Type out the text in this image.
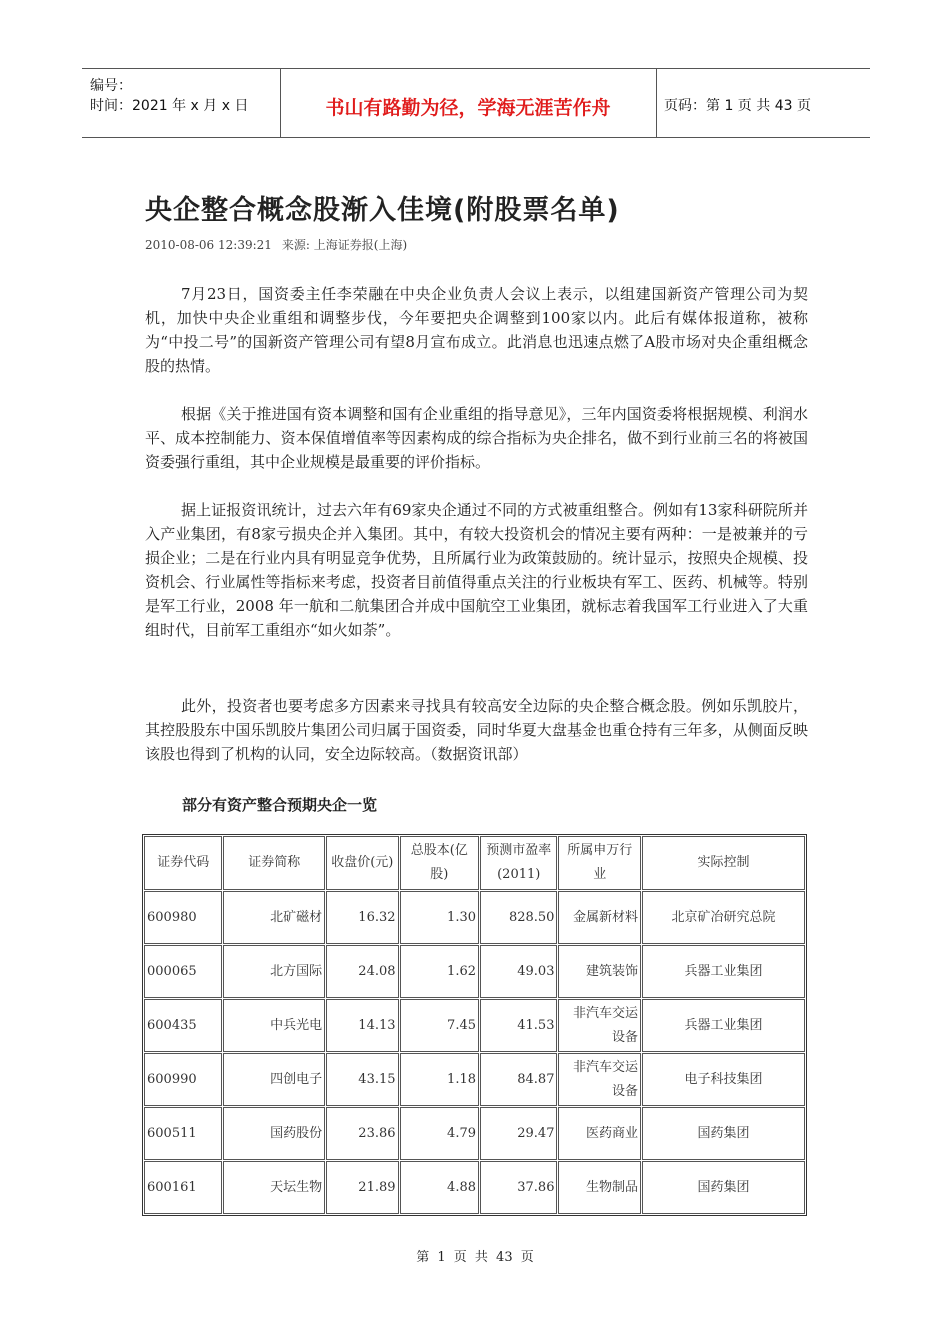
编号：
时间：2021 年 x 月 x 日	书山有路勤为径，学海无涯苦作舟	页码：第 1 页 共 43 页
央企整合概念股渐入佳境(附股票名单)
2010-08-06 12:39:21 来源: 上海证券报(上海)

7月23日，国资委主任李荣融在中央企业负责人会议上表示，以组建国新资产管理公司为契机，加快中央企业重组和调整步伐，今年要把央企调整到100家以内。此后有媒体报道称，被称为“中投二号”的国新资产管理公司有望8月宣布成立。此消息也迅速点燃了A股市场对央企重组概念股的热情。

根据《关于推进国有资本调整和国有企业重组的指导意见》，三年内国资委将根据规模、利润水平、成本控制能力、资本保值增值率等因素构成的综合指标为央企排名，做不到行业前三名的将被国资委强行重组，其中企业规模是最重要的评价指标。

据上证报资讯统计，过去六年有69家央企通过不同的方式被重组整合。例如有13家科研院所并入产业集团，有8家亏损央企并入集团。其中，有较大投资机会的情况主要有两种：一是被兼并的亏损企业；二是在行业内具有明显竞争优势，且所属行业为政策鼓励的。统计显示，按照央企规模、投资机会、行业属性等指标来考虑，投资者目前值得重点关注的行业板块有军工、医药、机械等。特别是军工行业，2008 年一航和二航集团合并成中国航空工业集团，就标志着我国军工行业进入了大重组时代，目前军工重组亦“如火如荼”。

此外，投资者也要考虑多方因素来寻找具有较高安全边际的央企整合概念股。例如乐凯胶片，其控股股东中国乐凯胶片集团公司归属于国资委，同时华夏大盘基金也重仓持有三年多，从侧面反映该股也得到了机构的认同，安全边际较高。（数据资讯部）

部分有资产整合预期央企一览
证券代码	证券简称	收盘价(元)	总股本(亿股)	预测市盈率(2011)	所属申万行业	实际控制
600980	北矿磁材	16.32	1.30	828.50	金属新材料	北京矿冶研究总院
000065	北方国际	24.08	1.62	49.03	建筑装饰	兵器工业集团
600435	中兵光电	14.13	7.45	41.53	非汽车交运设备	兵器工业集团
600990	四创电子	43.15	1.18	84.87	非汽车交运设备	电子科技集团
600511	国药股份	23.86	4.79	29.47	医药商业	国药集团
600161	天坛生物	21.89	4.88	37.86	生物制品	国药集团
第 1 页 共 43 页
